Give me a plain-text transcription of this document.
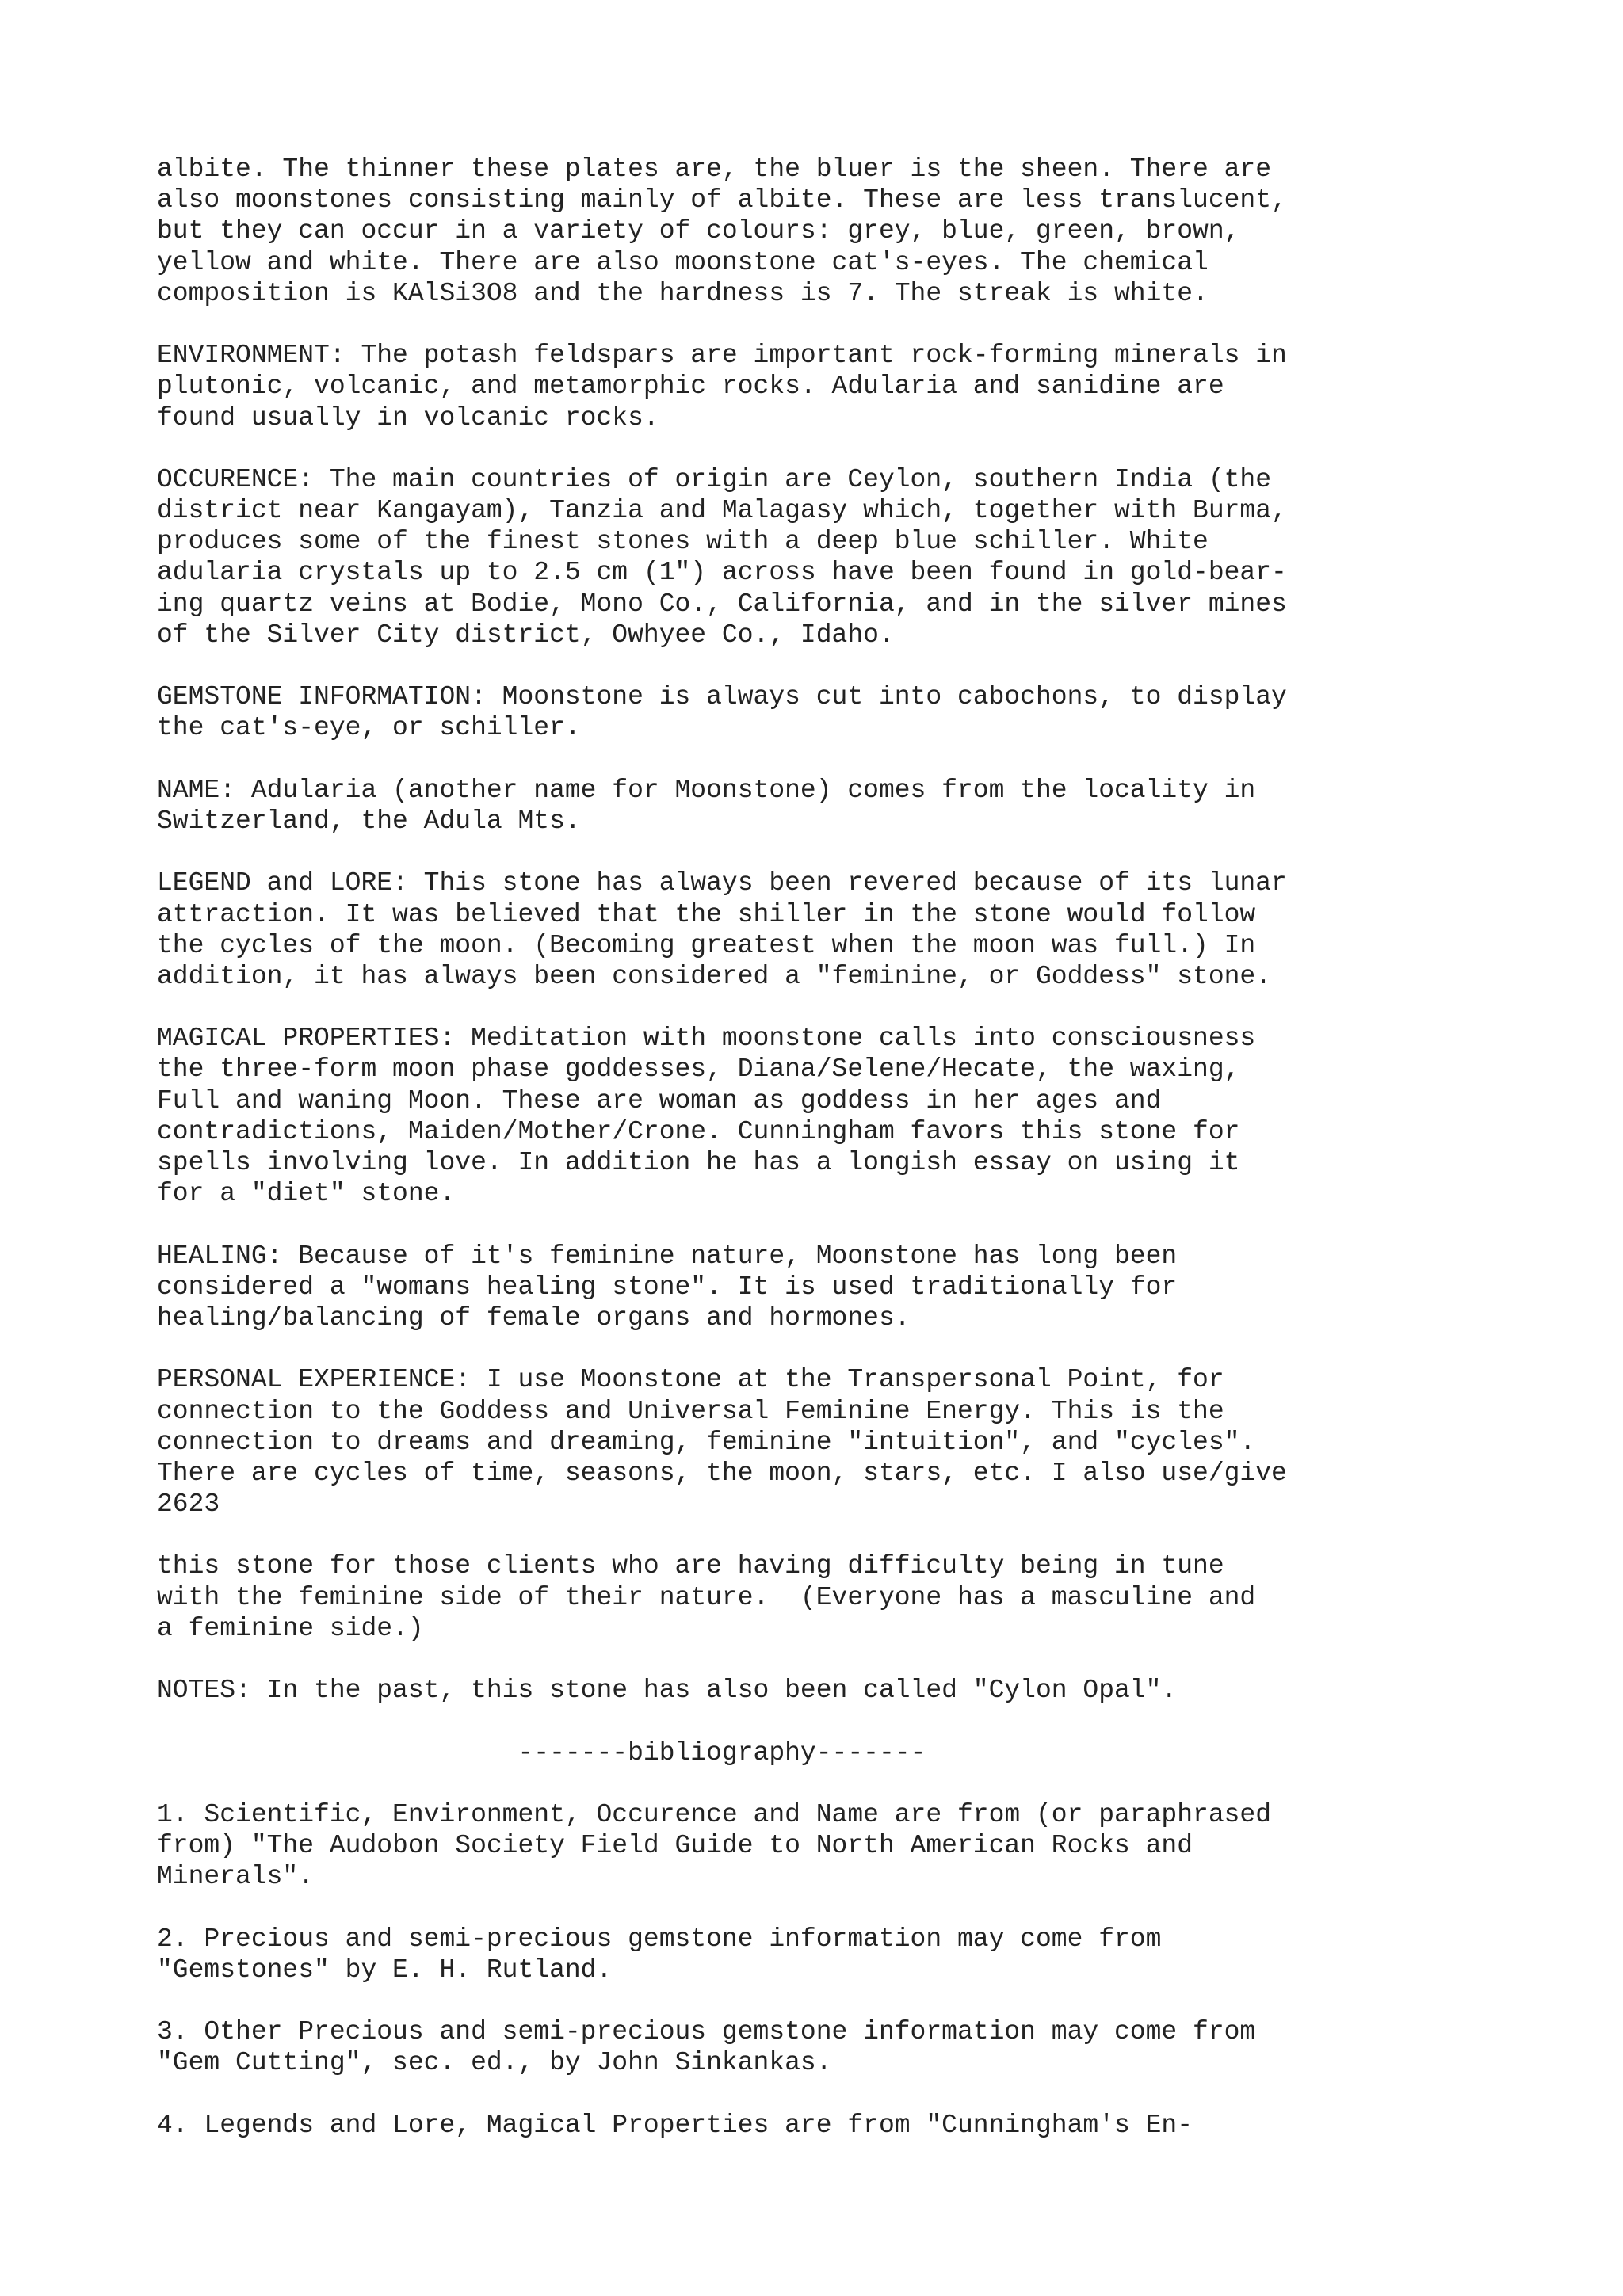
albite. The thinner these plates are, the bluer is the sheen. There are
also moonstones consisting mainly of albite. These are less translucent,
but they can occur in a variety of colours: grey, blue, green, brown,
yellow and white. There are also moonstone cat's-eyes. The chemical
composition is KAlSi3O8 and the hardness is 7. The streak is white.
ENVIRONMENT: The potash feldspars are important rock-forming minerals in
plutonic, volcanic, and metamorphic rocks. Adularia and sanidine are
found usually in volcanic rocks.
OCCURENCE: The main countries of origin are Ceylon, southern India (the
district near Kangayam), Tanzia and Malagasy which, together with Burma,
produces some of the finest stones with a deep blue schiller. White
adularia crystals up to 2.5 cm (1") across have been found in gold-bear-
ing quartz veins at Bodie, Mono Co., California, and in the silver mines
of the Silver City district, Owhyee Co., Idaho.
GEMSTONE INFORMATION: Moonstone is always cut into cabochons, to display
the cat's-eye, or schiller.
NAME: Adularia (another name for Moonstone) comes from the locality in
Switzerland, the Adula Mts.
LEGEND and LORE: This stone has always been revered because of its lunar
attraction. It was believed that the shiller in the stone would follow
the cycles of the moon. (Becoming greatest when the moon was full.) In
addition, it has always been considered a "feminine, or Goddess" stone.
MAGICAL PROPERTIES: Meditation with moonstone calls into consciousness
the three-form moon phase goddesses, Diana/Selene/Hecate, the waxing,
Full and waning Moon. These are woman as goddess in her ages and
contradictions, Maiden/Mother/Crone. Cunningham favors this stone for
spells involving love. In addition he has a longish essay on using it
for a "diet" stone.
HEALING: Because of it's feminine nature, Moonstone has long been
considered a "womans healing stone". It is used traditionally for
healing/balancing of female organs and hormones.
PERSONAL EXPERIENCE: I use Moonstone at the Transpersonal Point, for
connection to the Goddess and Universal Feminine Energy. This is the
connection to dreams and dreaming, feminine "intuition", and "cycles".
There are cycles of time, seasons, the moon, stars, etc. I also use/give
2623
this stone for those clients who are having difficulty being in tune
with the feminine side of their nature.  (Everyone has a masculine and
a feminine side.)
NOTES: In the past, this stone has also been called "Cylon Opal".
-------bibliography-------
1. Scientific, Environment, Occurence and Name are from (or paraphrased
from) "The Audobon Society Field Guide to North American Rocks and
Minerals".
2. Precious and semi-precious gemstone information may come from
"Gemstones" by E. H. Rutland.
3. Other Precious and semi-precious gemstone information may come from
"Gem Cutting", sec. ed., by John Sinkankas.
4. Legends and Lore, Magical Properties are from "Cunningham's En-
